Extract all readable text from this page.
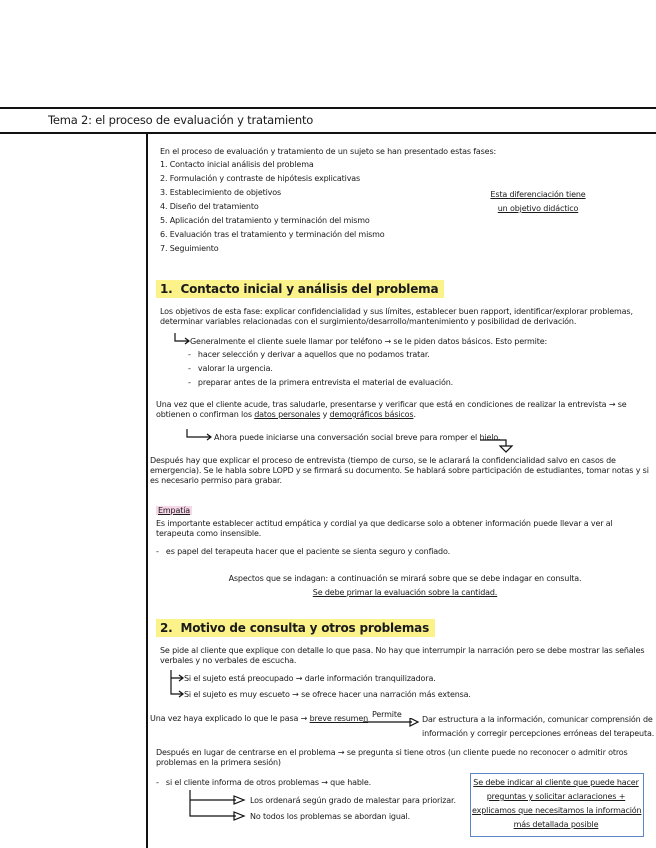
Tema 2: el proceso de evaluación y tratamiento
En el proceso de evaluación y tratamiento de un sujeto se han presentado estas fases:
1. Contacto inicial análisis del problema
2. Formulación y contraste de hipótesis explicativas
3. Establecimiento de objetivos
4. Diseño del tratamiento
5. Aplicación del tratamiento y terminación del mismo
6. Evaluación tras el tratamiento y terminación del mismo
7. Seguimiento
Esta diferenciación tiene
un objetivo didáctico
1. Contacto inicial y análisis del problema
Los objetivos de esta fase: explicar confidencialidad y sus límites, establecer buen rapport, identificar/explorar problemas, determinar variables relacionadas con el surgimiento/desarrollo/mantenimiento y posibilidad de derivación.
Generalmente el cliente suele llamar por teléfono → se le piden datos básicos. Esto permite:
-   hacer selección y derivar a aquellos que no podamos tratar.
-   valorar la urgencia.
-   preparar antes de la primera entrevista el material de evaluación.
Una vez que el cliente acude, tras saludarle, presentarse y verificar que está en condiciones de realizar la entrevista → se obtienen o confirman los datos personales y demográficos básicos.
Ahora puede iniciarse una conversación social breve para romper el hielo.
Después hay que explicar el proceso de entrevista (tiempo de curso, se le aclarará la confidencialidad salvo en casos de emergencia). Se le habla sobre LOPD y se firmará su documento. Se hablará sobre participación de estudiantes, tomar notas y si es necesario permiso para grabar.
Empatía
Es importante establecer actitud empática y cordial ya que dedicarse solo a obtener información puede llevar a ver al terapeuta como insensible.
-   es papel del terapeuta hacer que el paciente se sienta seguro y confiado.
Aspectos que se indagan: a continuación se mirará sobre que se debe indagar en consulta.
Se debe primar la evaluación sobre la cantidad.
2. Motivo de consulta y otros problemas
Se pide al cliente que explique con detalle lo que pasa. No hay que interrumpir la narración pero se debe mostrar las señales verbales y no verbales de escucha.
Si el sujeto está preocupado → darle información tranquilizadora.
Si el sujeto es muy escueto → se ofrece hacer una narración más extensa.
Una vez haya explicado lo que le pasa → breve resumen Permite
Dar estructura a la información, comunicar comprensión de
información y corregir percepciones erróneas del terapeuta.
Después en lugar de centrarse en el problema → se pregunta si tiene otros (un cliente puede no reconocer o admitir otros problemas en la primera sesión)
-   si el cliente informa de otros problemas → que hable.
Los ordenará según grado de malestar para priorizar.
No todos los problemas se abordan igual.
Se debe indicar al cliente que puede hacer
preguntas y solicitar aclaraciones +
explicamos que necesitamos la información
más detallada posible
